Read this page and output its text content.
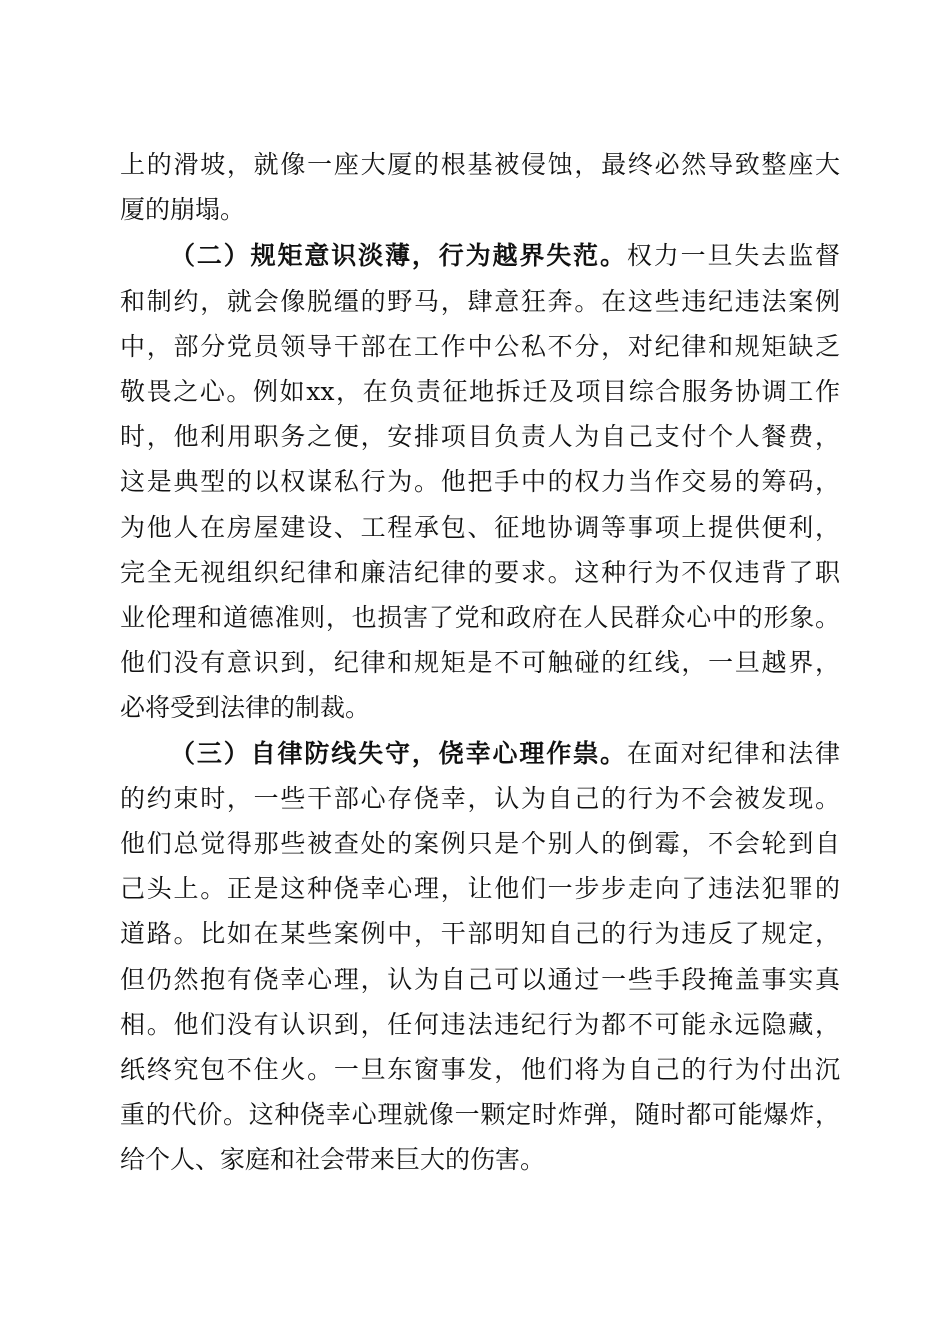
上的滑坡，就像一座大厦的根基被侵蚀，最终必然导致整座大
厦的崩塌。
（二）规矩意识淡薄，行为越界失范。权力一旦失去监督
和制约，就会像脱缰的野马，肆意狂奔。在这些违纪违法案例
中，部分党员领导干部在工作中公私不分，对纪律和规矩缺乏
敬畏之心。例如xx，在负责征地拆迁及项目综合服务协调工作
时，他利用职务之便，安排项目负责人为自己支付个人餐费，
这是典型的以权谋私行为。他把手中的权力当作交易的筹码，
为他人在房屋建设、工程承包、征地协调等事项上提供便利，
完全无视组织纪律和廉洁纪律的要求。这种行为不仅违背了职
业伦理和道德准则，也损害了党和政府在人民群众心中的形象。
他们没有意识到，纪律和规矩是不可触碰的红线，一旦越界，
必将受到法律的制裁。
（三）自律防线失守，侥幸心理作祟。在面对纪律和法律
的约束时，一些干部心存侥幸，认为自己的行为不会被发现。
他们总觉得那些被查处的案例只是个别人的倒霉，不会轮到自
己头上。正是这种侥幸心理，让他们一步步走向了违法犯罪的
道路。比如在某些案例中，干部明知自己的行为违反了规定，
但仍然抱有侥幸心理，认为自己可以通过一些手段掩盖事实真
相。他们没有认识到，任何违法违纪行为都不可能永远隐藏，
纸终究包不住火。一旦东窗事发，他们将为自己的行为付出沉
重的代价。这种侥幸心理就像一颗定时炸弹，随时都可能爆炸，
给个人、家庭和社会带来巨大的伤害。
